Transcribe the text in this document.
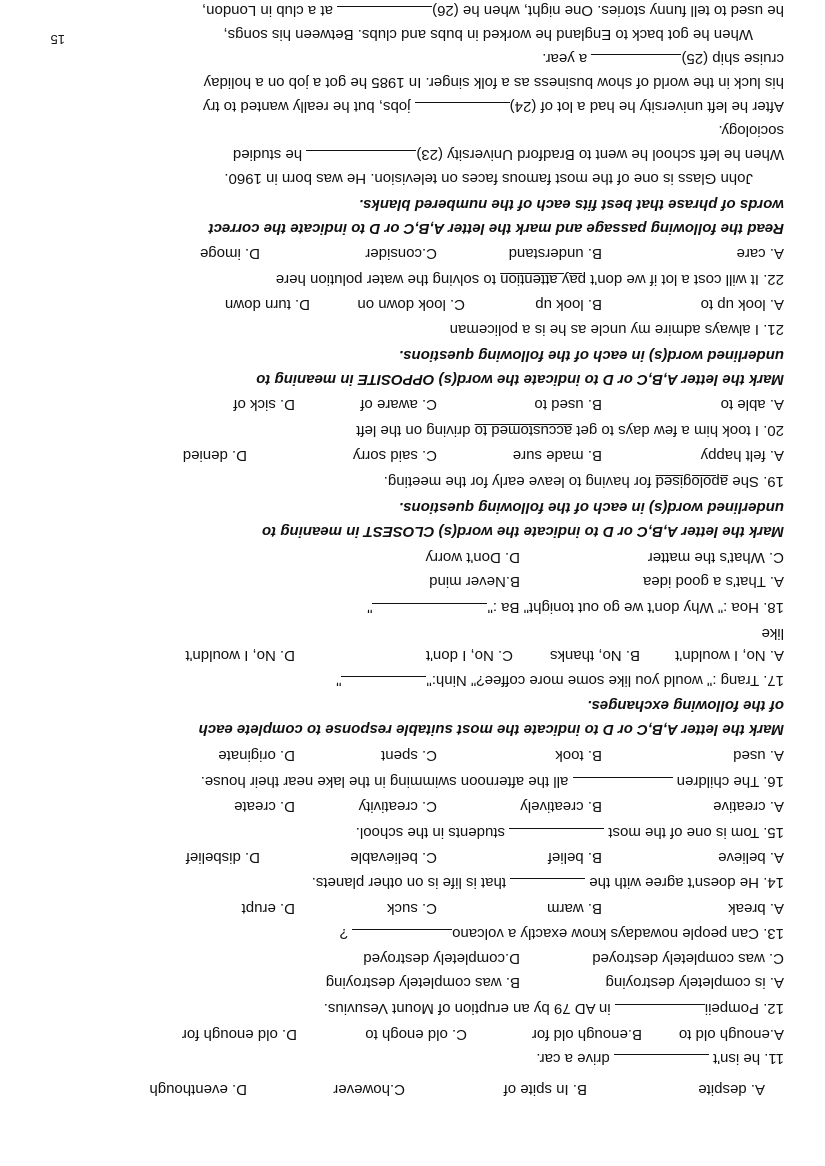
A. despite
B. In spite of
C.however
D. eventhough
11. he isn't  drive a car.
A.enough old to
B.enough old for
C. old enogh to
D. old enough for
12. Pompeii in AD 79 by an eruption of Mount Vesuvius.
A. is completely destroying
B. was completely destroying
C. was completely destroyed
D.completely destroyed
13. Can people nowadays know exactly a volcano ?
A. break
B. warm
C. suck
D. erupt
14. He doesn't agree with the  that is life is on other planets.
A. believe
B. belief
C. believable
D. disbelief
15. Tom is one of the most  students in the school.
A. creative
B. creatively
C. creativity
D. create
16. The children  all the afternoon swimming in the lake near their house.
A. used
B. took
C. spent
D. originate
Mark the letter A,B,C or D to indicate the most suitable response to complete each
of the following exchanges.
17. Trang :" would you like some more coffee?" Ninh:""
A. No, I wouldn't
B. No, thanks
C. No, I don't
D. No, I wouldn't
like
18. Hoa :" Why don't we go out tonight" Ba :""
A. That's a good idea
B.Never mind
C. What's the matter
D. Don't worry
Mark the letter A,B,C or D to indicate the word(s) CLOSEST in meaning to
underlined word(s) in each of the following questions.
19. She apologised for having to leave early for the meeting.
A. felt happy
B. made sure
C. said sorry
D. denied
20. I took him a few days to get accustomed to driving on the left
A. able to
B. used to
C. aware of
D. sick of
Mark the letter A,B,C or D to indicate the word(s) OPPOSITE in meaning to
underlined word(s) in each of the following questions.
21. I always admire my uncle as he is a policeman
A. look up to
B. look up
C. look down on
D. turn down
22. It will cost a lot if we don't pay attention to solving the water polution here
A. care
B. understand
C.consider
D. imoge
Read the following passage and mark the letter A,B,C or D to indicate the correct
words of phrase that best fits each of the numbered blanks.
John Glass is one of the most famous faces on television. He was born in 1960.
When he left school he went to Bradford University (23) he studied
sociology.
After he left university he had a lot of (24) jobs, but he really wanted to try
his luck in the world of show business as a folk singer. In 1985 he got a job on a holiday
cruise ship (25) a year.
When he got back to England he worked in bubs and clubs. Between his songs,
he used to tell funny stories. One night, when he (26) at a club in London,
15
